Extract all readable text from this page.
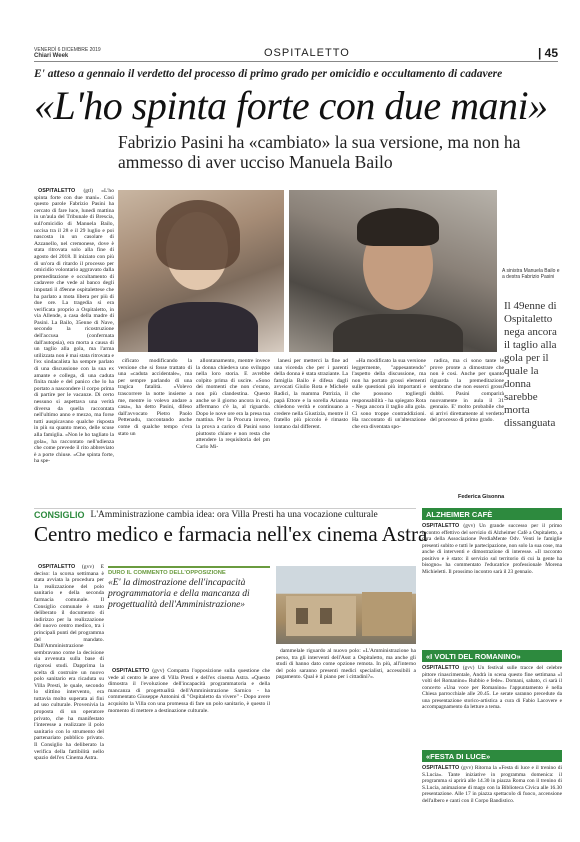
VENERDÌ 6 DICEMBRE 2019
Chiari Week	OSPITALETTO	| 45
E' atteso a gennaio il verdetto del processo di primo grado per omicidio e occultamento di cadavere
«L'ho spinta forte con due mani»
Fabrizio Pasini ha «cambiato» la sua versione, ma non ha ammesso di aver ucciso Manuela Bailo

OSPITALETTO (gtl) «L'ho spinta forte con due mani». Così questo parole Fabrizio Pasini ha cercato di fare luce, lunedì mattina in un'aula del Tribunale di Brescia, sull'omicidio di Manuela Bailo, uccisa tra il 28 e il 29 luglio e poi nascosta in un casolare di Azzanello, nel cremonese, dove è stata ritrovata solo alla fine di agosto del 2018. Il iniziato con più di un'ora di ritardo il processo per omicidio volontario aggravato dalla premeditazione e occultamento di cadavere che vede al banco degli imputati il 49enne ospitalettese che ha parlato a mota libera per più di due ore. La tragedia si era verificata proprio a Ospitaletto, in via Allende, a casa della madre di Pasini. La Bailo, 35enne di Nave, secondo la ricostruzione dell'accusa (confermata dall'autopsia), era morta a causa di un taglio alla gola, ma l'arma utilizzata non è mai stata ritrovata e l'ex sindacalista ha sempre parlato di una discussione con la sua ex amante e collega, di una caduta finita male e del panico che lo ha portato a nascondere il corpo prima di partire per le vacanze. Di certo nessuno si aspettava una verità diversa da quella raccontata nell'ultimo anno e mezzo, ma forse tutti auspicavano qualche risposta in più su quanto meno, delle scuse alla famiglia. «Non le ho tagliato la gola», ha raccontato nell'udienza che come prevede il rito abbreviato è a porte chiuse. «Che spinta forte, ha spe-

A sinistra Manuela Bailo e a destra Fabrizio Pasini
Il 49enne di Ospitaletto nega ancora il taglio alla gola per il quale la donna sarebbe morta dissanguata

cificato modificando la versione che si fosse trattato di una «caduta accidentale», ma per sempre parlando di una tragica fatalità. «Volevo trascorrere la notte insieme a me, mentre io volevo andare a casa», ha detto Pasini, difeso dall'avvocato Pietro Paolo Pettenadu, raccontando anche come di qualche tempo c'era stato un

allontanamento, mentre invece la donna chiedeva uno sviluppo nella loro storia. E avrebbe colpito prima di uscire. «Sono dei momenti che non c'erano, non più clandestina. Questo anche se il giorno ancora in cui, affermano c'è la, al riguardo. Dopo le nove ore era la presa tua mattina. Per la Procura invece, la prova a carico di Pasini sono piuttosto chiare e non resta che attendere la requisitoria del pm Carlo Mi-

lanesi per metterci la fine ad una vicenda che per i parenti della donna è stata straziante. La famiglia Bailo è difesa dagli avvocati Giulio Rota e Michele Radici, la mamma Patrizia, il papà Ettore e la sorella Arianna chiedono verità e continuano a credere nella Giustizia, mentre il fratello più piccolo è rimasto lontano dal different.

«Ha modificato la sua versione leggermente, "appesantendo" l'aspetto della discussione, ma non ha portato grossi elementi sulle questioni più importanti e che possono togliergli responsabilità - ha spiegato Rota - Nega ancora il taglio alla gola. Ci sono troppe contraddizioni. Ha raccontato di un'alterazione che era diventata spo-

radica, ma ci sono tante le prove pronte a dimostrare che non è così. Anche per quanto riguarda la premeditazione sembrano che non esserci grossi dubbi. Pasini comparirà nuovamente in aula il 31 gennaio. E' molto probabile che si arrivi direttamente al verdetto del processo di primo grado.

Federica Gisonna
CONSIGLIO L'Amministrazione cambia idea: ora Villa Presti ha una vocazione culturale
Centro medico e farmacia nell'ex cinema Astra

OSPITALETTO (gvv) È deciso: la scorsa settimana è stata avviata la procedura per la realizzazione del polo sanitario e della seconda farmacia comunale. Il Consiglio comunale è stato deliberato il documento di indirizzo per la realizzazione del nuovo centro medico, tra i principali punti del programma del mandato. Dall'Amministrazione sembravano come la decisione sia avvenuta sulla base di rigorosi studi. Dapprima la scelta di costruire un nuovo polo sanitario era ricaduta su Villa Presti, le quale, secondo lo slittino intervento, era tuttavia molto superata ai fini ad uso culturale. Provenivia la proposta di un operatore privato, che ha manifestato l'interesse a realizzare il polo sanitario con lo strumento del partenariato pubblico privato. Il Consiglio ha deliberato la verifica della fattibilità nello spazio dell'ex Cinema Astra.

DURO IL COMMENTO DELL'OPPOSIZIONE
«E' la dimostrazione dell'incapacità programmatoria e della mancanza di progettualità dell'Amministrazione»

OSPITALETTO (gvv) Compatta l'opposizione sulla questione che vede al centro le aree di Villa Presti e dell'ex cinema Astra. «Questo dimostra il l'evoluzione dell'incapacità programmatoria e della mancanza di progettualità dell'Amministrazione Sarnico - ha commentato Giuseppe Antonini di "Ospitaletto da vivere" - Dopo avere acquisito la Villa con una promessa di fare un polo sanitario, è questo il momento di mettere a destinazione culturale.

dammelale riguardo al nuovo polo: «L'Amministrazione ha perso, tra gli interventi dell'Asst a Ospitaletto, ma anche gli studi di hanno dato come opzione remota. In più, all'interno del polo saranno presenti medici specialisti, accessibili a pagamento. Qual è il piano per i cittadini?».

ALZHEIMER CAFÈ
OSPITALETTO (gvv) Un grande successo per il primo incontro effettivo del servizio di Alzheimer Cafè a Ospitaletto, a cura della Associazione PerdiaMente Odv. Venti le famiglie presenti subito e tutti le partecipazione, non solo la sua cose, ma anche di interventi e dimostrazione di interesse. «Il racconto positivo e è stato: il servizio sul territorio di cui la gente ha bisogno» ha commentato l'educatrice professionale Morena Michieletti. Il prossimo incontro sarà il 23 gennaio.
«I VOLTI DEL ROMANINO»
OSPITALETTO (gvv) Un festival sulle tracce del celebre pittore rinascimentale, Andrà in scena questo fine settimana «I volti del Romanino» Rubbio e fede». Domani, sabato, ci sarà il concerto «Una voce per Romanino» l'appuntamento è nella Chiesa parrocchiale alle 20.45. Le serate saranno precedute da una presentazione storico-artistica a cura di Fabio Lacovere e accompagnamento da letture a tema.
«FESTA DI LUCE»
OSPITALETTO (gvv) Ritorna la «Festa di luce e il trenino di S.Lucia». Tante iniziative in programma domenica: il programma si aprirà alle 14.30 in piazza Roma con il trenino di S.Lucia, animazione di mago con la Biblioteca Civica alle 16.30 presentazione. Alle 17 in piazza spettacolo di fuoco, accensione dell'albero e canti con il Corpo Bandistico.
